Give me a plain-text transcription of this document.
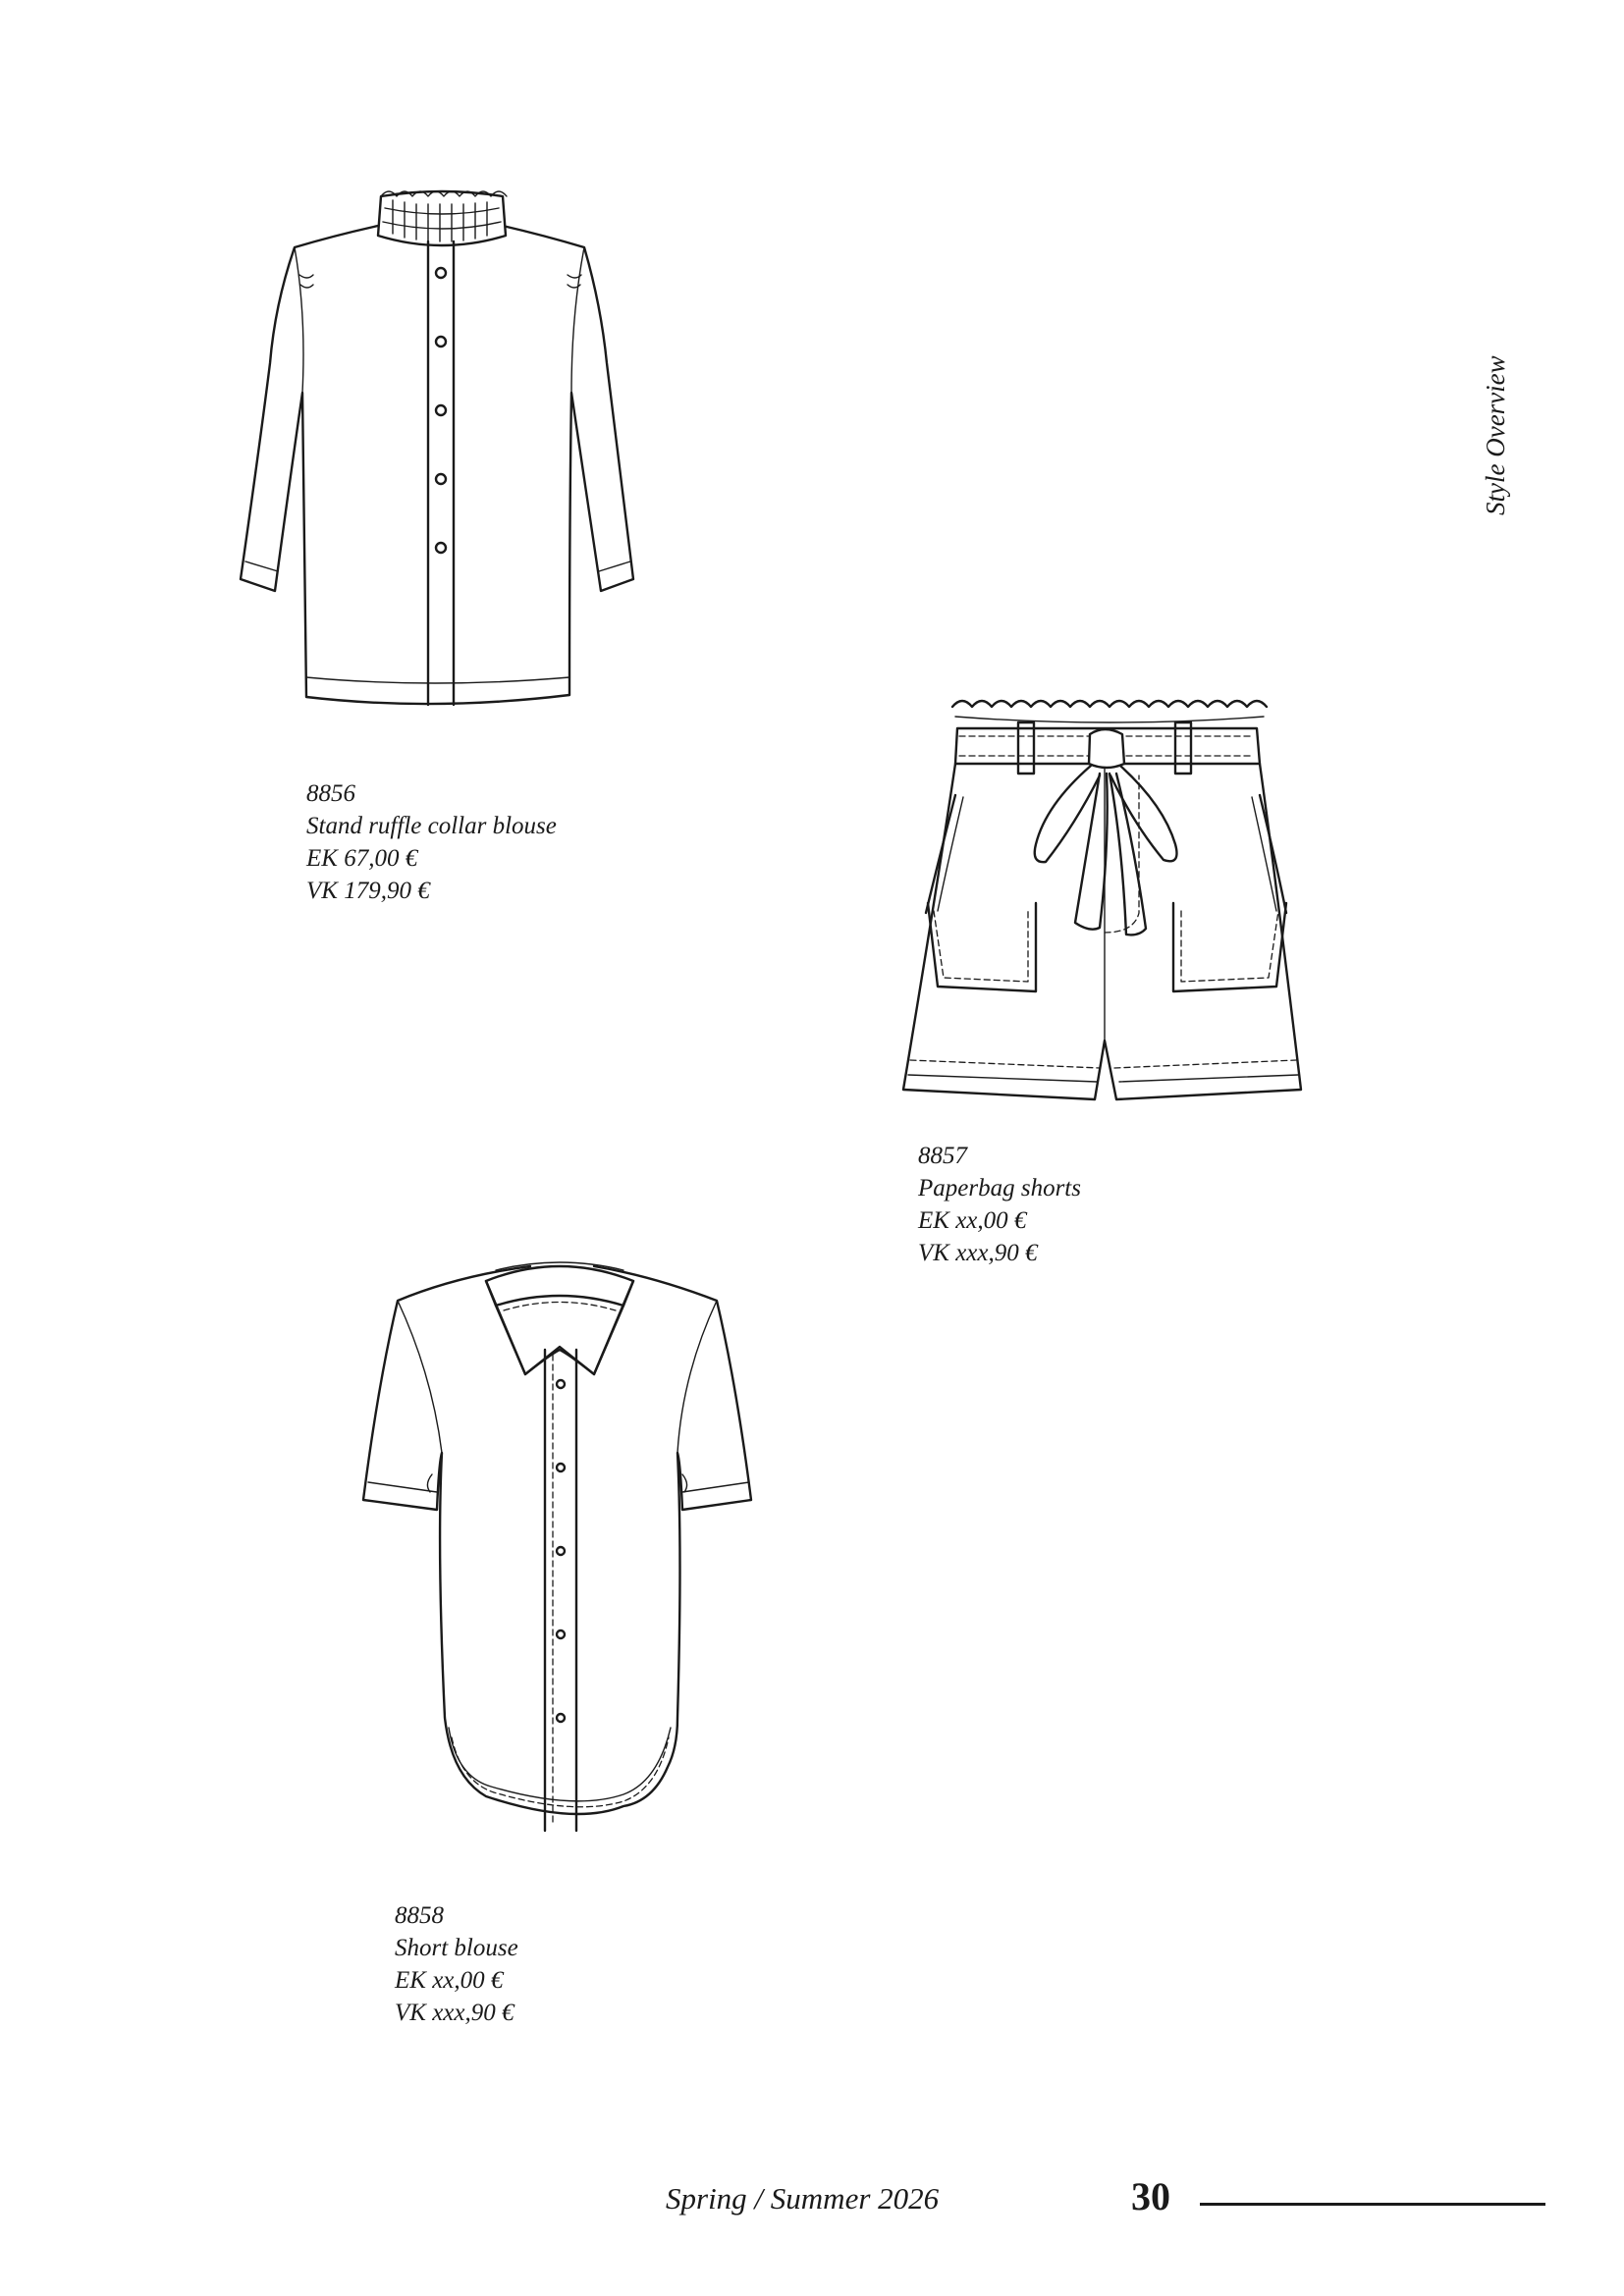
Style Overview
8856
Stand ruffle collar blouse
EK 67,00 €
VK 179,90 €
8857
Paperbag shorts
EK xx,00 €
VK xxx,90 €
8858
Short blouse
EK xx,00 €
VK xxx,90 €
Spring / Summer 2026	30
